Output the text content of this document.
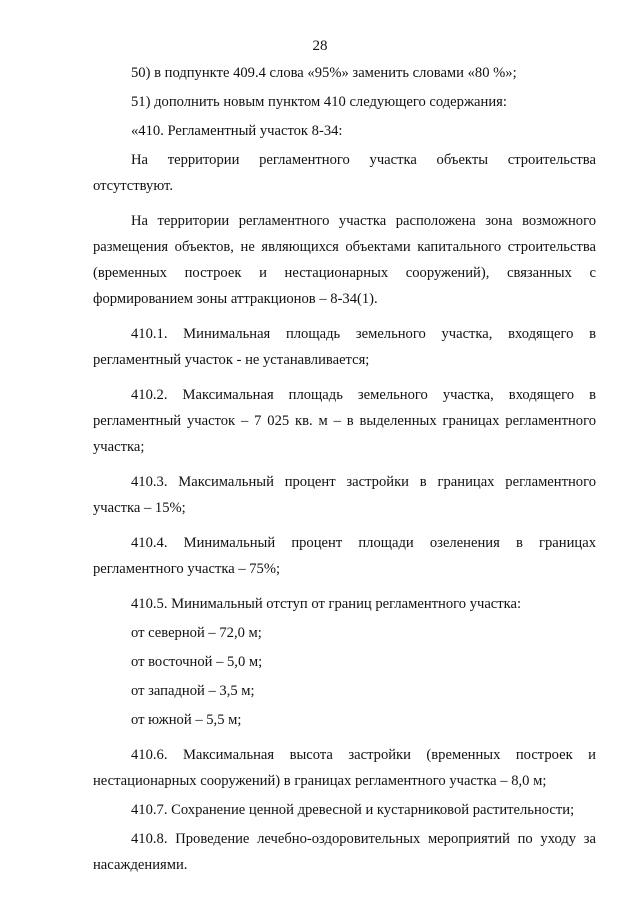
28

50) в подпункте 409.4 слова «95%» заменить словами «80 %»;

51) дополнить новым пунктом 410 следующего содержания:

«410. Регламентный участок 8-34:

На территории регламентного участка объекты строительства отсутствуют.

На территории регламентного участка расположена зона возможного размещения объектов, не являющихся объектами капитального строительства (временных построек и нестационарных сооружений), связанных с формированием зоны аттракционов – 8-34(1).

410.1. Минимальная площадь земельного участка, входящего в регламентный участок - не устанавливается;

410.2. Максимальная площадь земельного участка, входящего в регламентный участок – 7 025 кв. м – в выделенных границах регламентного участка;

410.3. Максимальный процент застройки в границах регламентного участка – 15%;

410.4. Минимальный процент площади озеленения в границах регламентного участка – 75%;

410.5. Минимальный отступ от границ регламентного участка:

от северной – 72,0 м;

от восточной – 5,0 м;

от западной – 3,5 м;

от южной – 5,5 м;

410.6. Максимальная высота застройки (временных построек и нестационарных сооружений) в границах регламентного участка – 8,0 м;

410.7. Сохранение ценной древесной и кустарниковой растительности;

410.8. Проведение лечебно-оздоровительных мероприятий по уходу за насаждениями.
